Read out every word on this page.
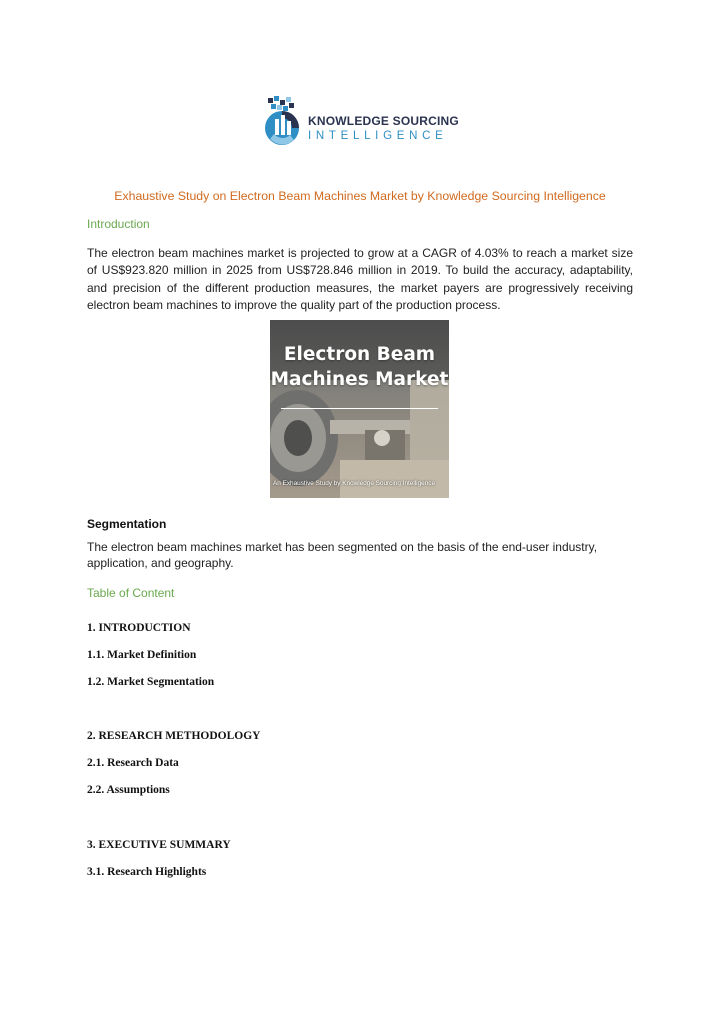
KNOWLEDGE SOURCING
INTELLIGENCE
Exhaustive Study on Electron Beam Machines Market by Knowledge Sourcing Intelligence
Introduction
The electron beam machines market is projected to grow at a CAGR of 4.03% to reach a market size of US$923.820 million in 2025 from US$728.846 million in 2019. To build the accuracy, adaptability, and precision of the different production measures, the market payers are progressively receiving electron beam machines to improve the quality part of the production process.
Electron Beam
Machines Market
An Exhaustive Study by Knowledge Sourcing Intelligence
Segmentation
The electron beam machines market has been segmented on the basis of the end-user industry, application, and geography.
Table of Content
1. INTRODUCTION
1.1. Market Definition
1.2. Market Segmentation
2. RESEARCH METHODOLOGY
2.1. Research Data
2.2. Assumptions
3. EXECUTIVE SUMMARY
3.1. Research Highlights
